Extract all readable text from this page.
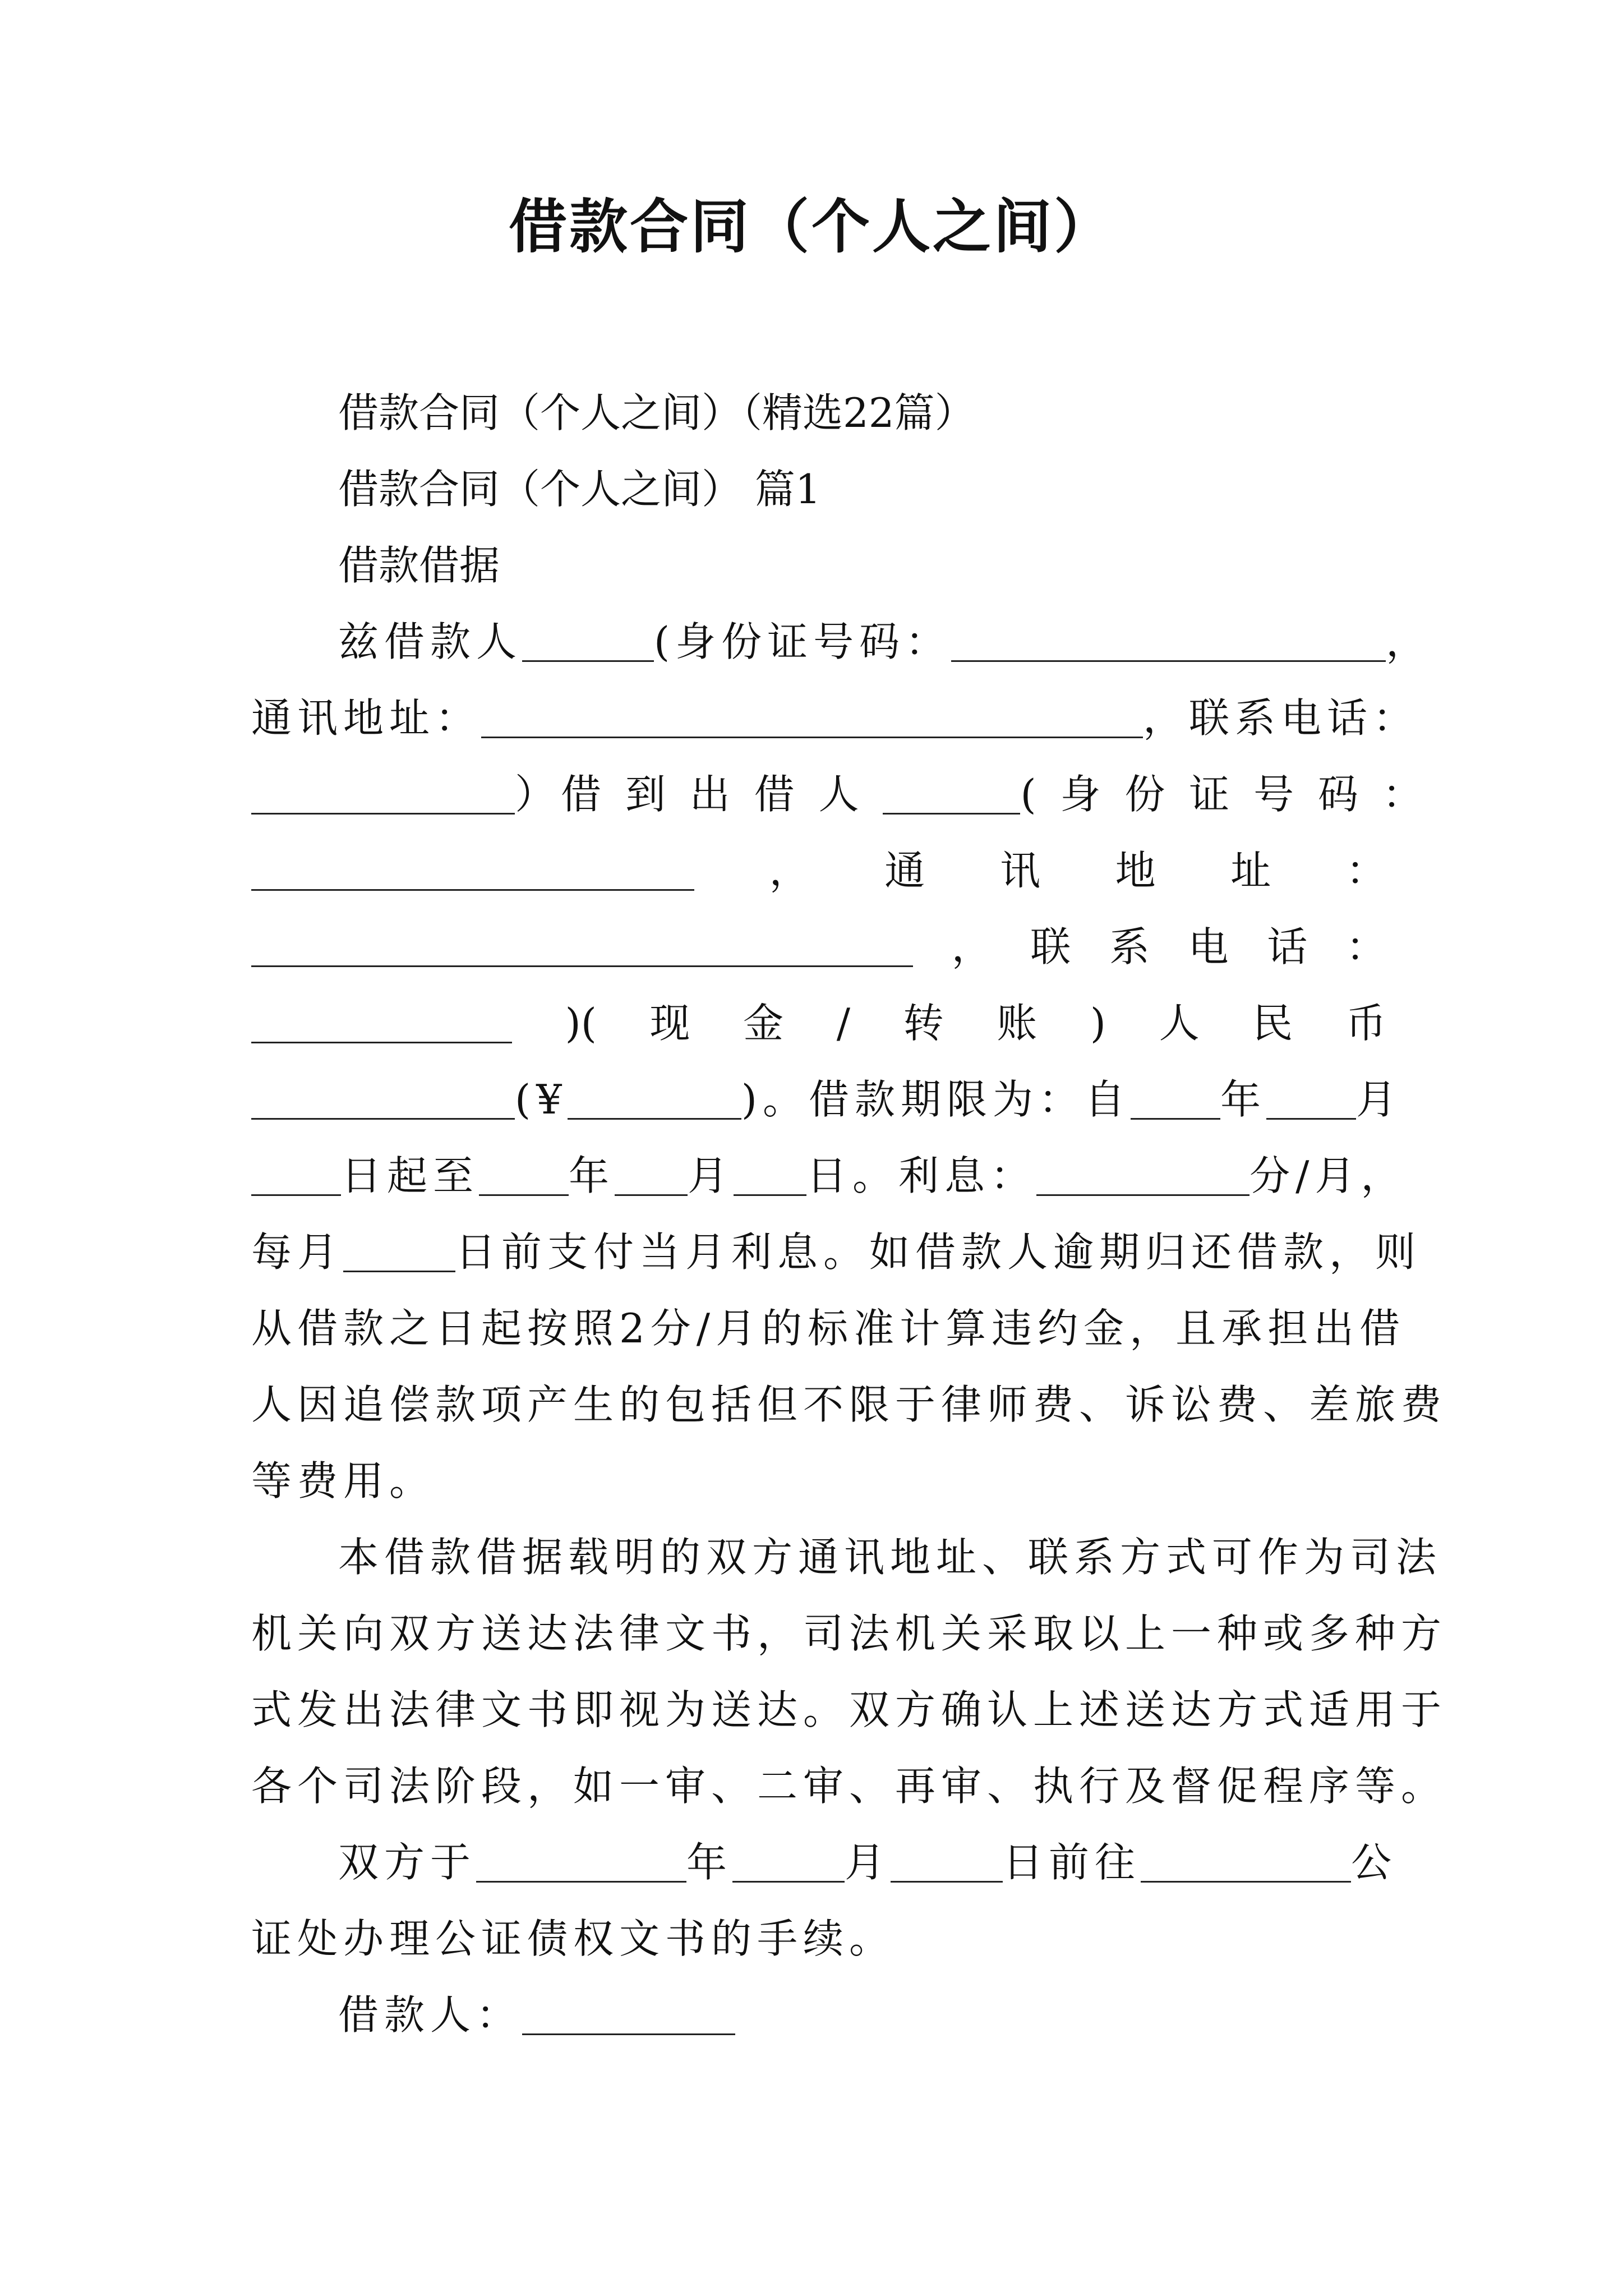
借款合同（个人之间）
借款合同（个人之间）（精选22篇）
借款合同（个人之间） 篇1
借款借据
兹借款人	(身份证号码：	，
通讯地址：	，联系电话：
）借 到 出 借 人	( 身 份 证 号 码 ：
， 通 讯 地 址 ：
， 联 系 电 话 ：
)( 现 金 / 转 账 ) 人 民 币
(¥	)。借款期限为：自 年 月
日起至 年 月 日。利息：	分/月，
每月	日前支付当月利息。如借款人逾期归还借款，则
从借款之日起按照2分/月的标准计算违约金，且承担出借
人因追偿款项产生的包括但不限于律师费、诉讼费、差旅费
等费用。
本借款借据载明的双方通讯地址、联系方式可作为司法
机关向双方送达法律文书，司法机关采取以上一种或多种方
式发出法律文书即视为送达。双方确认上述送达方式适用于
各个司法阶段，如一审、二审、再审、执行及督促程序等。
双方于	年	月	日前往	公
证处办理公证债权文书的手续。
借款人：
